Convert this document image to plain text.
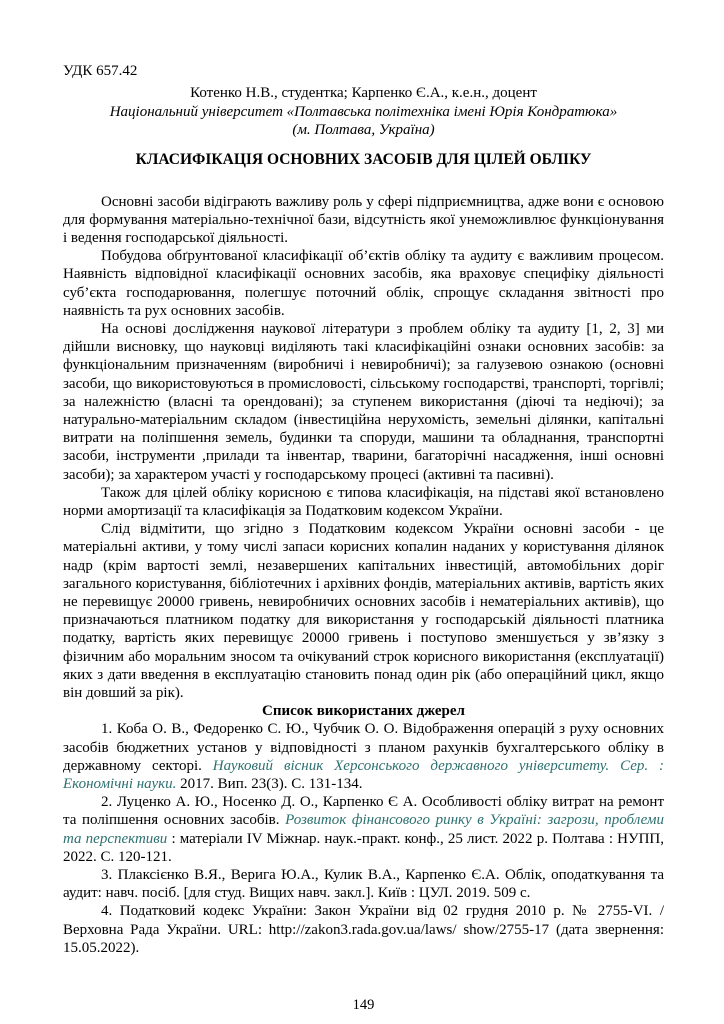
УДК 657.42
Котенко Н.В., студентка; Карпенко Є.А., к.е.н., доцент
Національний університет «Полтавська політехніка імені Юрія Кондратюка»
(м. Полтава, Україна)
КЛАСИФІКАЦІЯ ОСНОВНИХ ЗАСОБІВ ДЛЯ ЦІЛЕЙ ОБЛІКУ

Основні засоби відіграють важливу роль у сфері підприємництва, адже вони є основою для формування матеріально-технічної бази, відсутність якої унеможливлює функціонування і ведення господарської діяльності.

Побудова обґрунтованої класифікації об’єктів обліку та аудиту є важливим процесом. Наявність відповідної класифікації основних засобів, яка враховує специфіку діяльності суб’єкта господарювання, полегшує поточний облік, спрощує складання звітності про наявність та рух основних засобів.

На основі дослідження наукової літератури з проблем обліку та аудиту [1, 2, 3] ми дійшли висновку, що науковці виділяють такі класифікаційні ознаки основних засобів: за функціональним призначенням (виробничі і невиробничі); за галузевою ознакою (основні засоби, що використовуються в промисловості, сільському господарстві, транспорті, торгівлі; за належністю (власні та орендовані); за ступенем використання (діючі та недіючі); за натурально-матеріальним складом (інвестиційна нерухомість, земельні ділянки, капітальні витрати на поліпшення земель, будинки та споруди, машини та обладнання, транспортні засоби, інструменти ,прилади та інвентар, тварини, багаторічні насадження, інші основні засоби); за характером участі у господарському процесі (активні та пасивні).

Також для цілей обліку корисною є типова класифікація, на підставі якої встановлено норми амортизації та класифікація за Податковим кодексом України.

Слід відмітити, що згідно з Податковим кодексом України основні засоби - це матеріальні активи, у тому числі запаси корисних копалин наданих у користування ділянок надр (крім вартості землі, незавершених капітальних інвестицій, автомобільних доріг загального користування, бібліотечних і архівних фондів, матеріальних активів, вартість яких не перевищує 20000 гривень, невиробничих основних засобів і нематеріальних активів), що призначаються платником податку для використання у господарській діяльності платника податку, вартість яких перевищує 20000 гривень і поступово зменшується у зв’язку з фізичним або моральним зносом та очікуваний строк корисного використання (експлуатації) яких з дати введення в експлуатацію становить понад один рік (або операційний цикл, якщо він довший за рік).

Список використаних джерел

1. Коба О. В., Федоренко С. Ю., Чубчик О. О. Відображення операцій з руху основних засобів бюджетних установ у відповідності з планом рахунків бухгалтерського обліку в державному секторі. Науковий вісник Херсонського державного університету. Сер. : Економічні науки. 2017. Вип. 23(3). С. 131-134.

2. Луценко А. Ю., Носенко Д. О., Карпенко Є А. Особливості обліку витрат на ремонт та поліпшення основних засобів. Розвиток фінансового ринку в Україні: загрози, проблеми та перспективи : матеріали IV Міжнар. наук.-практ. конф., 25 лист. 2022 р. Полтава : НУПП, 2022. С. 120-121.

3. Плаксієнко В.Я., Верига Ю.А., Кулик В.А., Карпенко Є.А. Облік, оподаткування та аудит: навч. посіб. [для студ. Вищих навч. закл.]. Київ : ЦУЛ. 2019. 509 с.

4. Податковий кодекс України: Закон України від 02 грудня 2010 р. № 2755-VI. / Верховна Рада України. URL: http://zakon3.rada.gov.ua/laws/ show/2755-17 (дата звернення: 15.05.2022).

149
